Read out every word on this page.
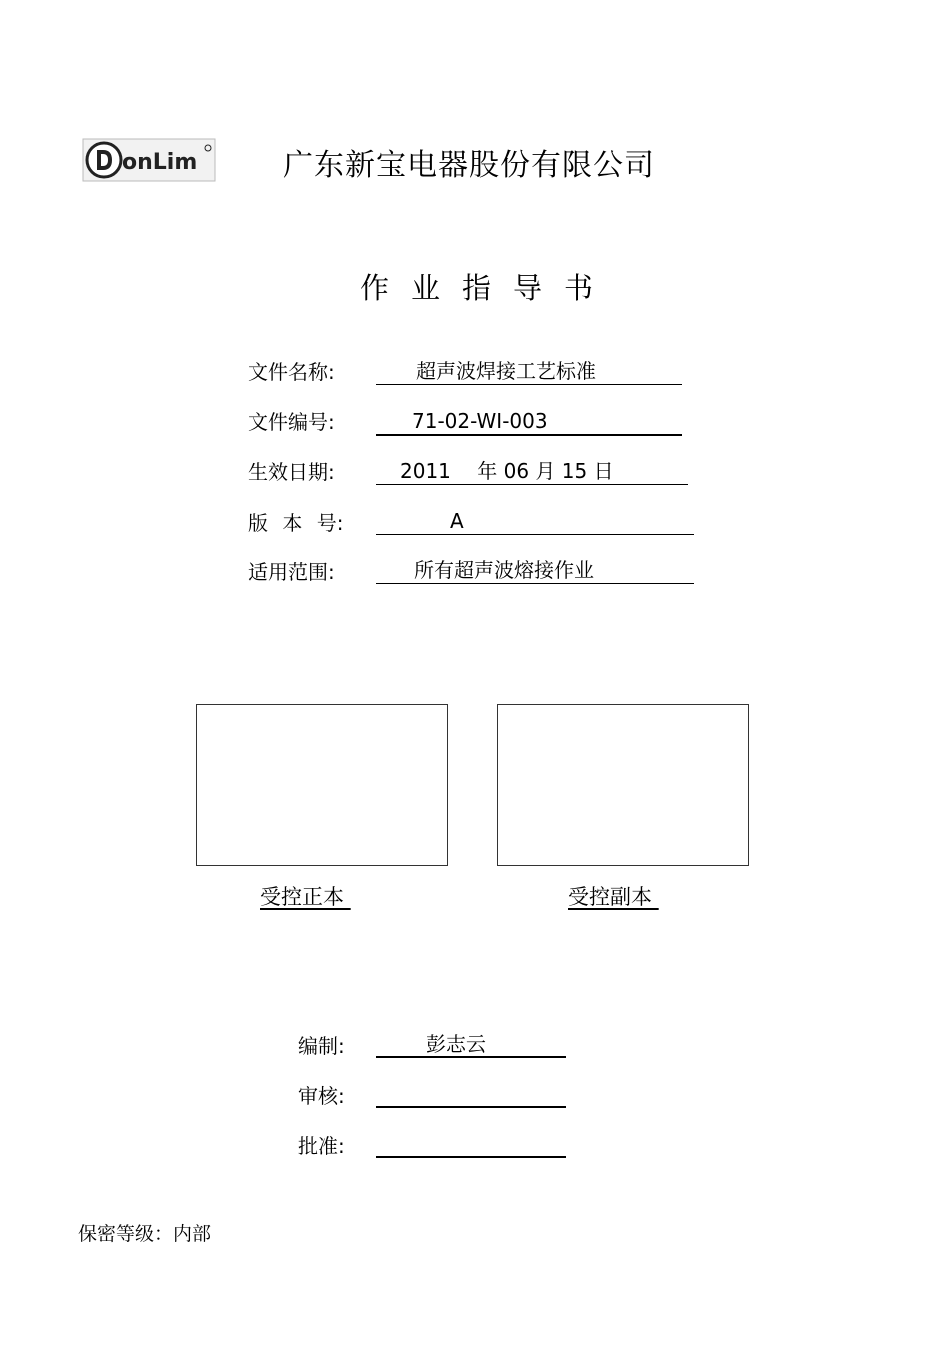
onLim	广东新宝电器股份有限公司
作业指导书
文件名称:	超声波焊接工艺标准
文件编号:	71-02-WI-003
生效日期:	2011　 年 06 月 15 日
版 本 号:	A
适用范围:	所有超声波熔接作业
受控正本	受控副本
编制:	彭志云
审核:
批准:
保密等级：内部
